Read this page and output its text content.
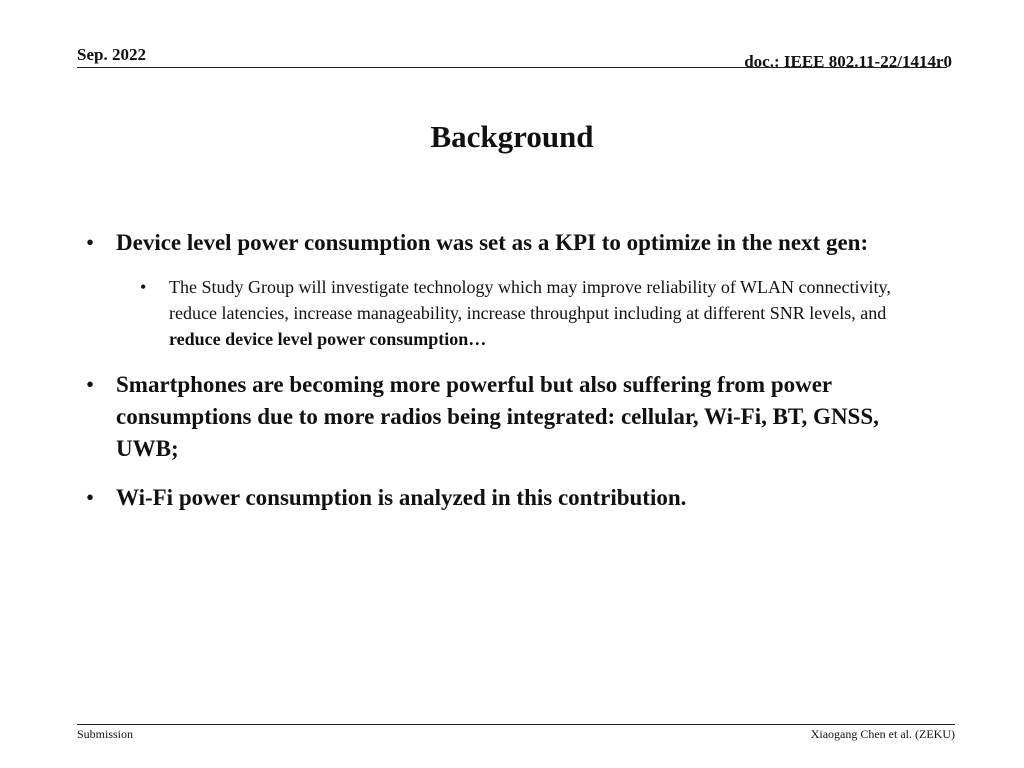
Sep. 2022	doc.: IEEE 802.11-22/1414r0
Background
• Device level power consumption was set as a KPI to optimize in the next gen:
• The Study Group will investigate technology which may improve reliability of WLAN connectivity, reduce latencies, increase manageability, increase throughput including at different SNR levels, and reduce device level power consumption…
• Smartphones are becoming more powerful but also suffering from power consumptions due to more radios being integrated: cellular, Wi-Fi, BT, GNSS, UWB;
• Wi-Fi power consumption is analyzed in this contribution.
Submission	Xiaogang Chen et al. (ZEKU)
